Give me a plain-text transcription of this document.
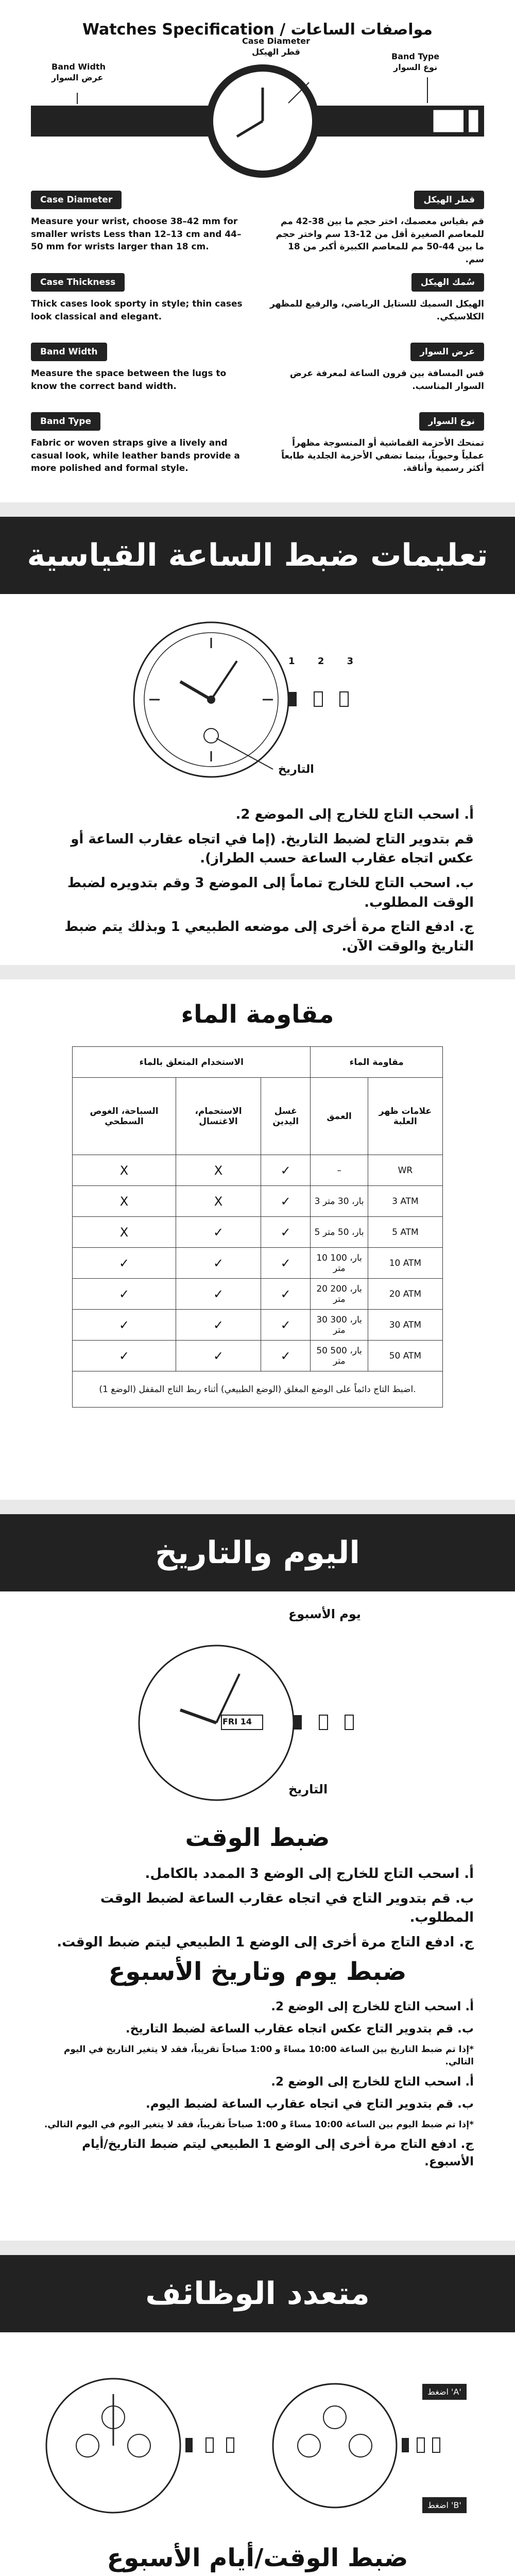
Watches Specification / مواصفات الساعات
Band Width
عرض السوار
Case Diameter
قطر الهيكل	Band Type
نوع السوار
Case Diameter

Measure your wrist, choose 38–42 mm for smaller wrists Less than 12–13 cm and 44–50 mm for wrists larger than 18 cm.

قطر الهيكل

قم بقياس معصمك، اختر حجم ما بين 38-42 مم للمعاصم الصغيرة أقل من 12-13 سم واختر حجم ما بين 44-50 مم للمعاصم الكبيرة أكبر من 18 سم.

Case Thickness

Thick cases look sporty in style; thin cases look classical and elegant.

سُمك الهيكل

الهيكل السميك للستايل الرياضي، والرفيع للمظهر الكلاسيكي.

Band Width

Measure the space between the lugs to know the correct band width.

عرض السوار

قس المسافة بين قرون الساعة لمعرفة عرض السوار المناسب.

Band Type

Fabric or woven straps give a lively and casual look, while leather bands provide a more polished and formal style.

نوع السوار

تمنحك الأحزمة القماشية أو المنسوجة مظهراً عملياً وحيوياً، بينما تضفي الأحزمة الجلدية طابعاً أكثر رسمية وأناقة.

تعليمات ضبط الساعة القياسية
1 2 3
التاريخ
أ. اسحب التاج للخارج إلى الموضع 2.
قم بتدوير التاج لضبط التاريخ. (إما في اتجاه عقارب الساعة أو عكس اتجاه عقارب الساعة حسب الطراز).
ب. اسحب التاج للخارج تماماً إلى الموضع 3 وقم بتدويره لضبط الوقت المطلوب.
ج. ادفع التاج مرة أخرى إلى موضعه الطبيعي 1 وبذلك يتم ضبط التاريخ والوقت الآن.
مقاومة الماء
الاستخدام المتعلق بالماء			مقاومة الماء	
السباحة، الغوص السطحي	الاستحمام، الاغتسال	غسل اليدين	العمق	علامات ظهر العلبة
X	X	✓	–	WR
X	X	✓	3 بار، 30 متر	3 ATM
X	✓	✓	5 بار، 50 متر	5 ATM
✓	✓	✓	10 بار، 100 متر	10 ATM
✓	✓	✓	20 بار، 200 متر	20 ATM
✓	✓	✓	30 بار، 300 متر	30 ATM
✓	✓	✓	50 بار، 500 متر	50 ATM
اضبط التاج دائماً على الوضع المغلق (الوضع الطبيعي) أثناء ربط التاج المقفل (الوضع 1).				
اليوم والتاريخ
FRI 14
يوم الأسبوع
التاريخ
ضبط الوقت
أ. اسحب التاج للخارج إلى الوضع 3 الممدد بالكامل.
ب. قم بتدوير التاج في اتجاه عقارب الساعة لضبط الوقت المطلوب.
ج. ادفع التاج مرة أخرى إلى الوضع 1 الطبيعي ليتم ضبط الوقت.
ضبط يوم وتاريخ الأسبوع
أ. اسحب التاج للخارج إلى الوضع 2.
ب. قم بتدوير التاج عكس اتجاه عقارب الساعة لضبط التاريخ.
*إذا تم ضبط التاريخ بين الساعة 10:00 مساءً و 1:00 صباحاً تقريباً، فقد لا يتغير التاريخ في اليوم التالي.
أ. اسحب التاج للخارج إلى الوضع 2.
ب. قم بتدوير التاج في اتجاه عقارب الساعة لضبط اليوم.
*إذا تم ضبط اليوم بين الساعة 10:00 مساءً و 1:00 صباحاً تقريباً، فقد لا يتغير اليوم في اليوم التالي.
ج. ادفع التاج مرة أخرى إلى الوضع 1 الطبيعي ليتم ضبط التاريخ/أيام الأسبوع.
متعدد الوظائف
اضغط 'A'
اضغط 'B'
ضبط الوقت/أيام الأسبوع
